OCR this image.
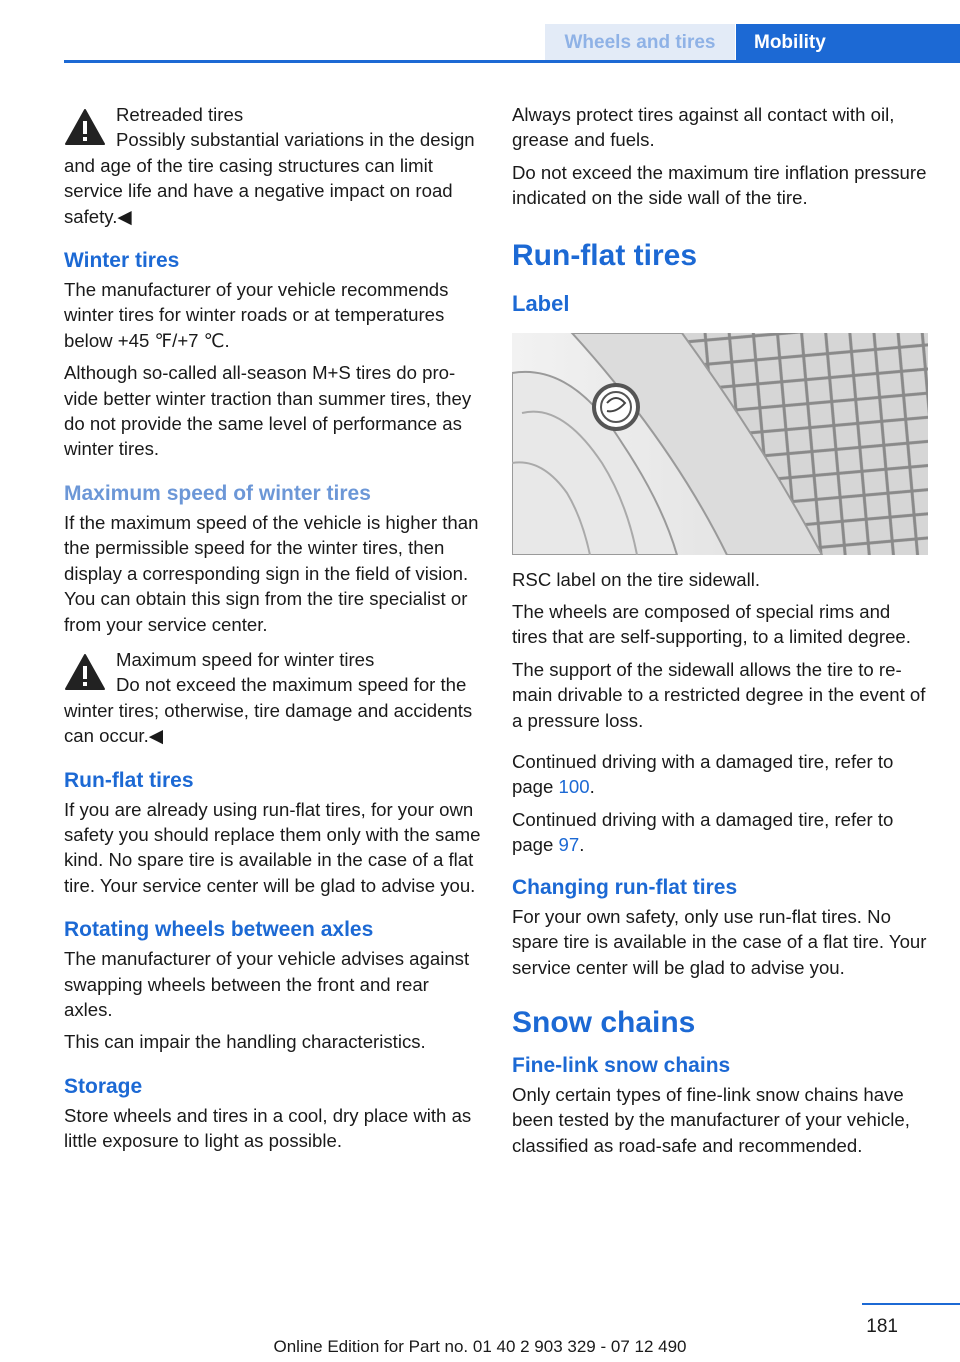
Wheels and tires	Mobility
Retreaded tires
Possibly substantial variations in the design and age of the tire casing structures can limit service life and have a negative impact on road safety.◀
Winter tires

The manufacturer of your vehicle recommends winter tires for winter roads or at temperatures below +45 ℉/+7 ℃.

Although so-called all-season M+S tires do provide better winter traction than summer tires, they do not provide the same level of performance as winter tires.

Maximum speed of winter tires

If the maximum speed of the vehicle is higher than the permissible speed for the winter tires, then display a corresponding sign in the field of vision. You can obtain this sign from the tire specialist or from your service center.

Maximum speed for winter tires
Do not exceed the maximum speed for the winter tires; otherwise, tire damage and accidents can occur.◀
Run-flat tires

If you are already using run-flat tires, for your own safety you should replace them only with the same kind. No spare tire is available in the case of a flat tire. Your service center will be glad to advise you.

Rotating wheels between axles

The manufacturer of your vehicle advises against swapping wheels between the front and rear axles.

This can impair the handling characteristics.

Storage

Store wheels and tires in a cool, dry place with as little exposure to light as possible.

Always protect tires against all contact with oil, grease and fuels.

Do not exceed the maximum tire inflation pressure indicated on the side wall of the tire.

Run-flat tires
Label

RSC label on the tire sidewall.

The wheels are composed of special rims and tires that are self-supporting, to a limited degree.

The support of the sidewall allows the tire to remain drivable to a restricted degree in the event of a pressure loss.

Continued driving with a damaged tire, refer to page 100.

Continued driving with a damaged tire, refer to page 97.

Changing run-flat tires

For your own safety, only use run-flat tires. No spare tire is available in the case of a flat tire. Your service center will be glad to advise you.

Snow chains
Fine-link snow chains

Only certain types of fine-link snow chains have been tested by the manufacturer of your vehicle, classified as road-safe and recommended.

181
Online Edition for Part no. 01 40 2 903 329 - 07 12 490
